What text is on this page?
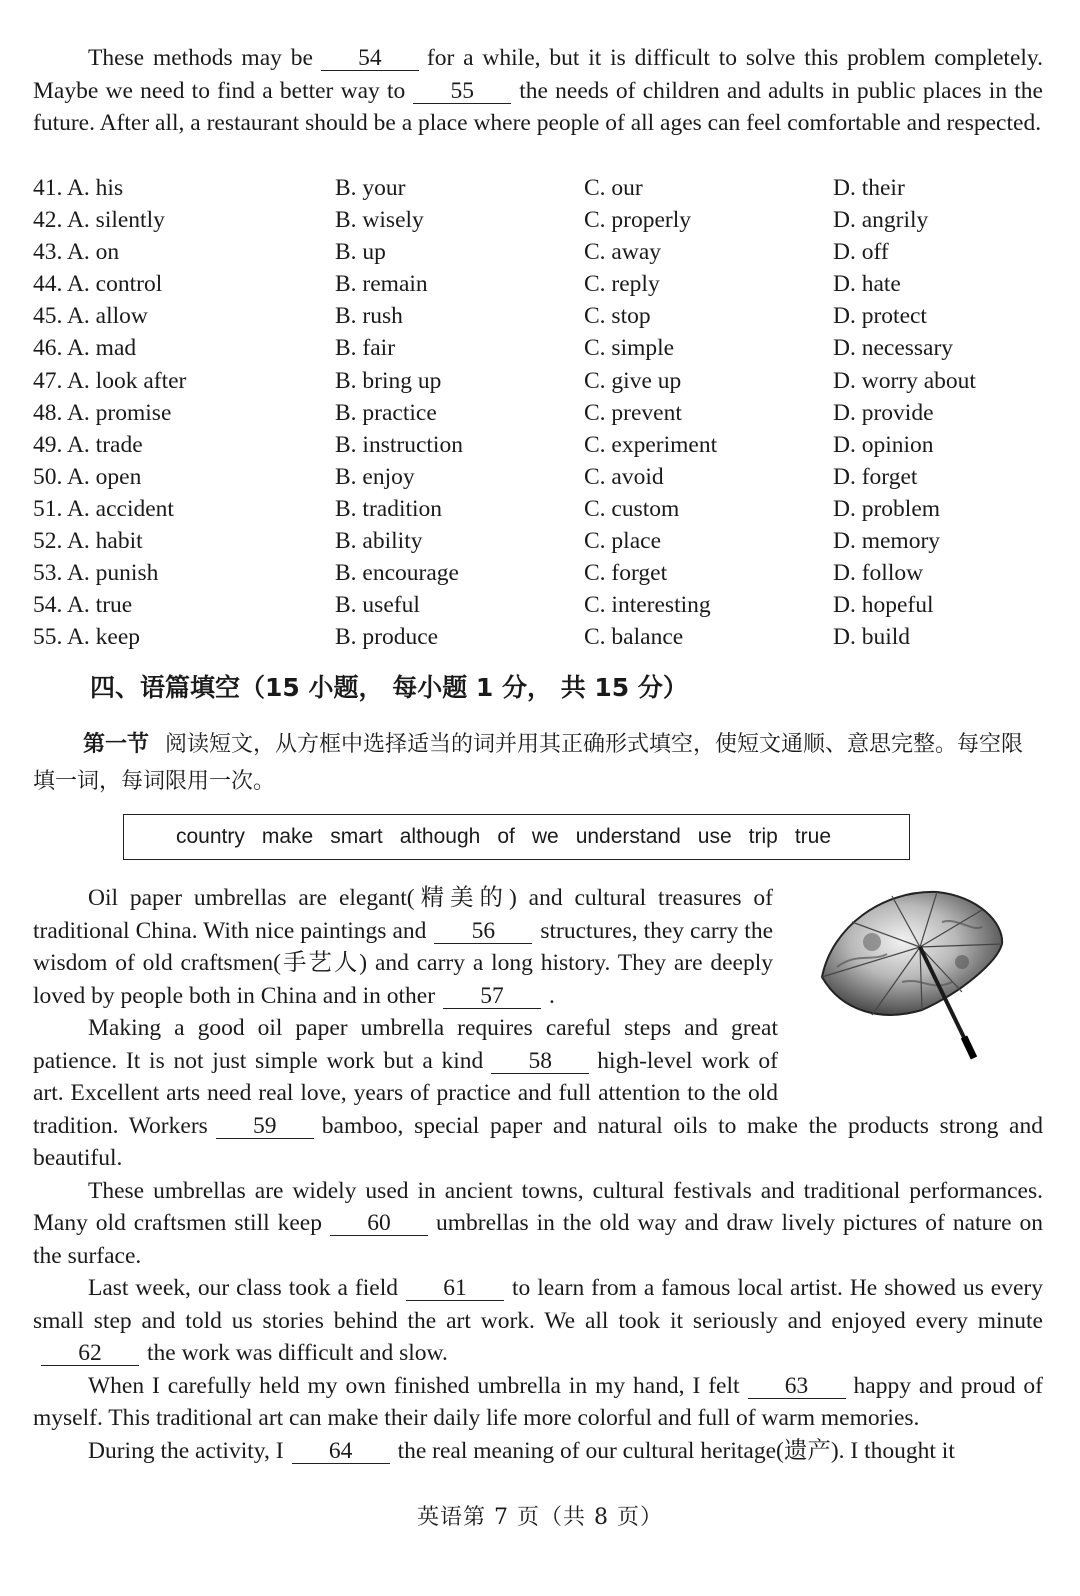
These methods may be 54 for a while, but it is difficult to solve this problem completely. Maybe we need to find a better way to 55 the needs of children and adults in public places in the future. After all, a restaurant should be a place where people of all ages can feel comfortable and respected.

41. A. his	B. your	C. our	D. their
42. A. silently	B. wisely	C. properly	D. angrily
43. A. on	B. up	C. away	D. off
44. A. control	B. remain	C. reply	D. hate
45. A. allow	B. rush	C. stop	D. protect
46. A. mad	B. fair	C. simple	D. necessary
47. A. look after	B. bring up	C. give up	D. worry about
48. A. promise	B. practice	C. prevent	D. provide
49. A. trade	B. instruction	C. experiment	D. opinion
50. A. open	B. enjoy	C. avoid	D. forget
51. A. accident	B. tradition	C. custom	D. problem
52. A. habit	B. ability	C. place	D. memory
53. A. punish	B. encourage	C. forget	D. follow
54. A. true	B. useful	C. interesting	D. hopeful
55. A. keep	B. produce	C. balance	D. build
四、语篇填空（15 小题， 每小题 1 分， 共 15 分）
第一节 阅读短文，从方框中选择适当的词并用其正确形式填空，使短文通顺、意思完整。每空限填一词，每词限用一次。
country make smart although of we understand use trip true

Oil paper umbrellas are elegant(精美的) and cultural treasures of traditional China. With nice paintings and 56 structures, they carry the wisdom of old craftsmen(手艺人) and carry a long history. They are deeply loved by people both in China and in other 57 .

Making a good oil paper umbrella requires careful steps and great patience. It is not just simple work but a kind 58 high-level work of art. Excellent arts need real love, years of practice and full attention to the old tradition. Workers 59 bamboo, special paper and natural oils to make the products strong and beautiful.

These umbrellas are widely used in ancient towns, cultural festivals and traditional performances. Many old craftsmen still keep 60 umbrellas in the old way and draw lively pictures of nature on the surface.

Last week, our class took a field 61 to learn from a famous local artist. He showed us every small step and told us stories behind the art work. We all took it seriously and enjoyed every minute62 the work was difficult and slow.

When I carefully held my own finished umbrella in my hand, I felt 63 happy and proud of myself. This traditional art can make their daily life more colorful and full of warm memories.

During the activity, I 64 the real meaning of our cultural heritage(遗产). I thought it

英语第 7 页（共 8 页）
